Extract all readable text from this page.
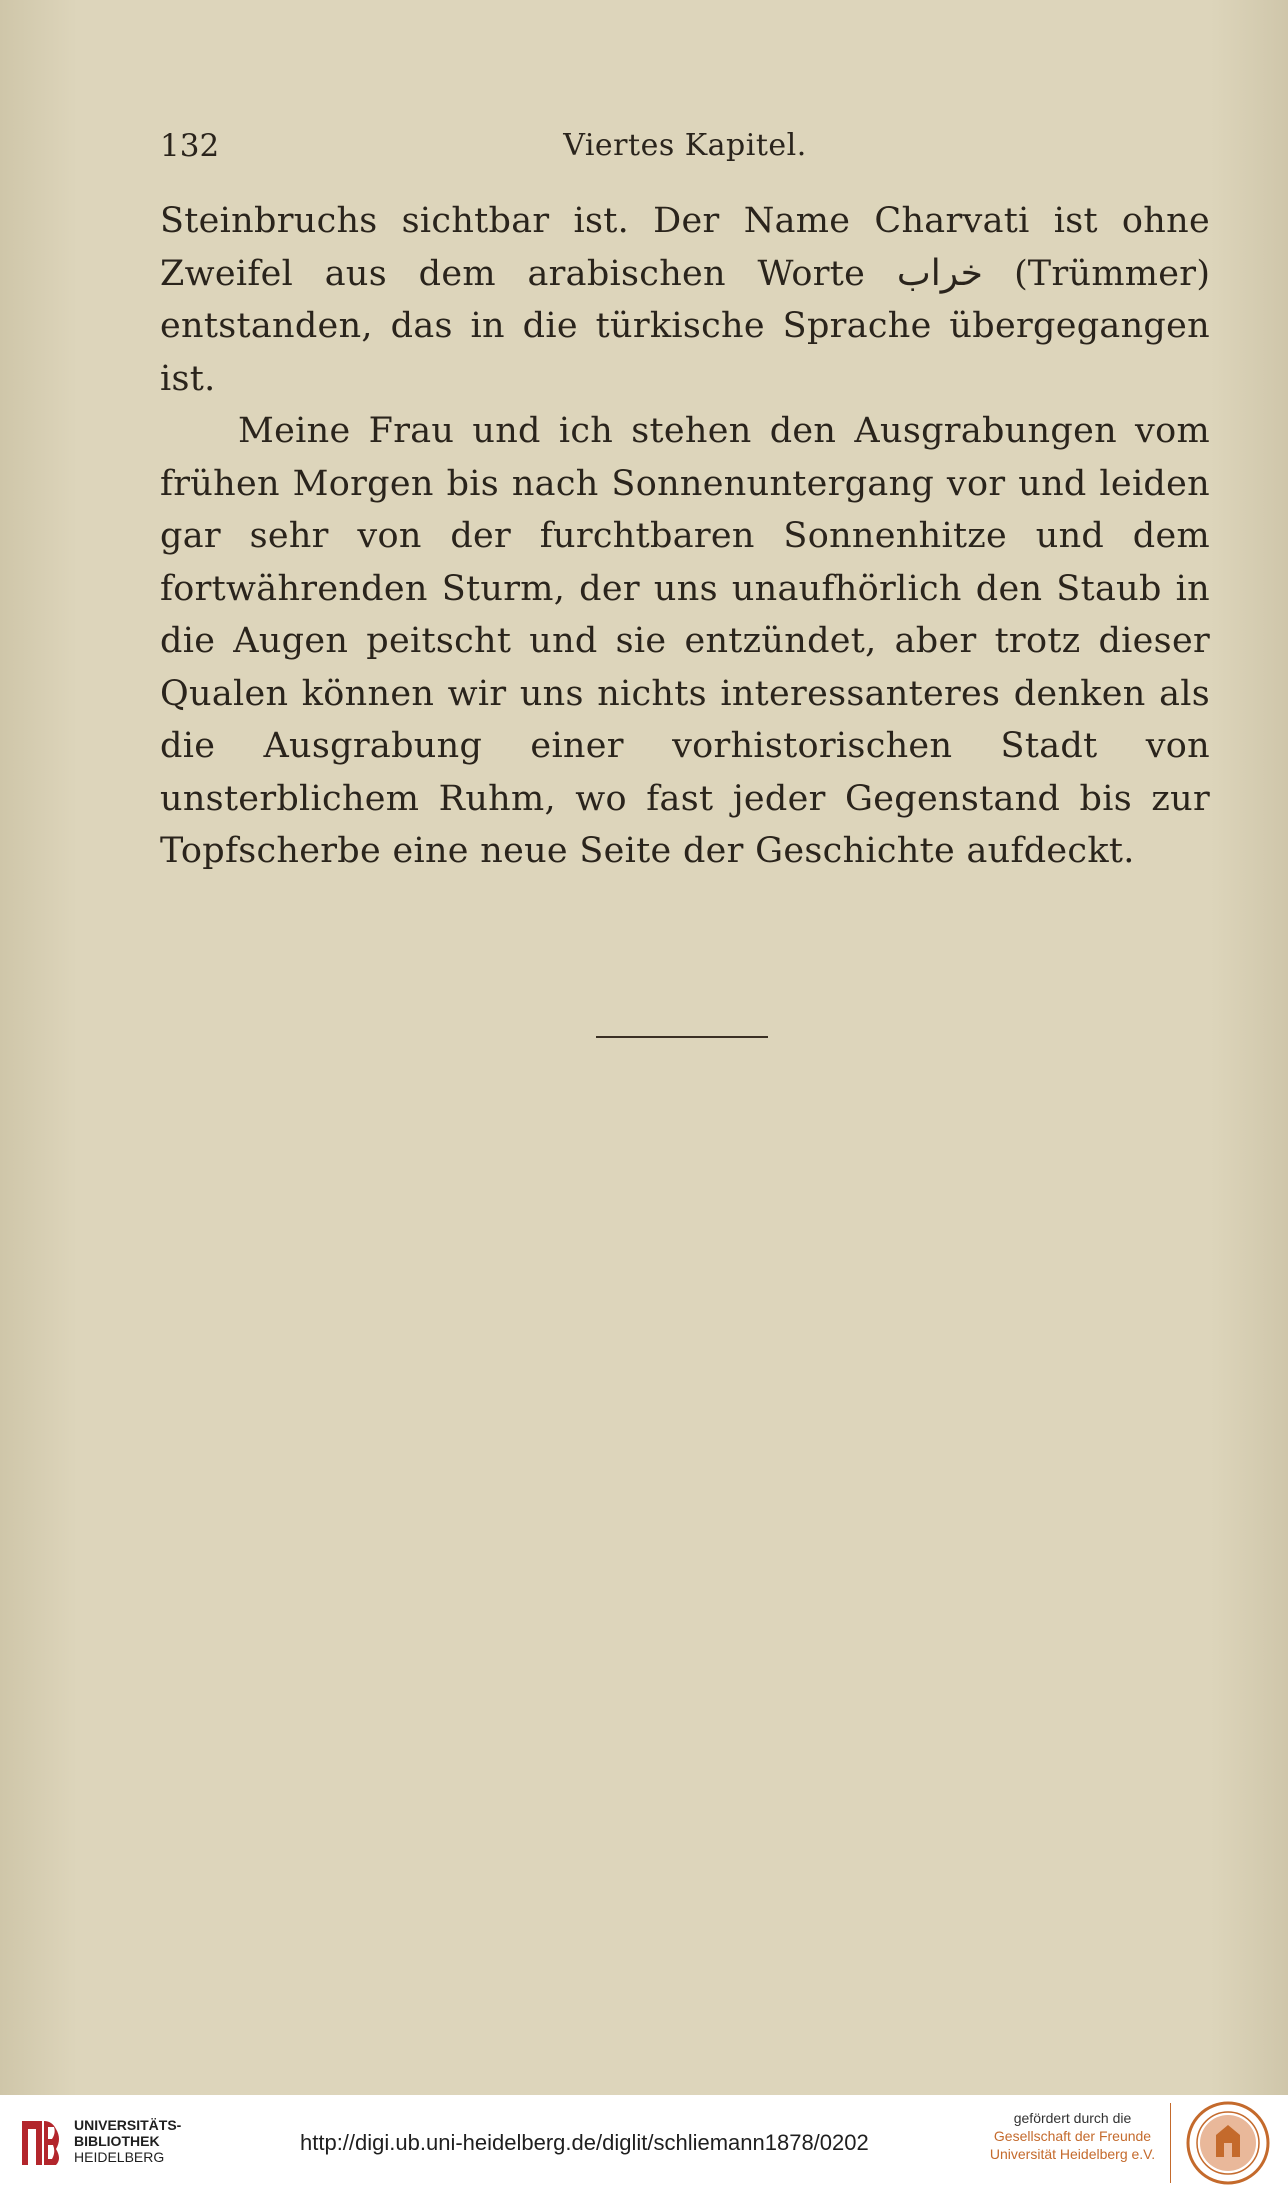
132	Viertes Kapitel.

Steinbruchs sichtbar ist. Der Name Charvati ist ohne Zweifel aus dem arabischen Worte خراب (Trümmer) entstanden, das in die türkische Sprache übergegangen ist.

Meine Frau und ich stehen den Ausgrabungen vom frühen Morgen bis nach Sonnenuntergang vor und leiden gar sehr von der furchtbaren Sonnenhitze und dem fortwährenden Sturm, der uns unaufhörlich den Staub in die Augen peitscht und sie entzündet, aber trotz dieser Qualen können wir uns nichts interessanteres denken als die Ausgrabung einer vorhistorischen Stadt von unsterblichem Ruhm, wo fast jeder Gegenstand bis zur Topfscherbe eine neue Seite der Geschichte aufdeckt.

UNIVERSITÄTS-
BIBLIOTHEK
HEIDELBERG
http://digi.ub.uni-heidelberg.de/diglit/schliemann1878/0202
gefördert durch die
Gesellschaft der Freunde
Universität Heidelberg e.V.
